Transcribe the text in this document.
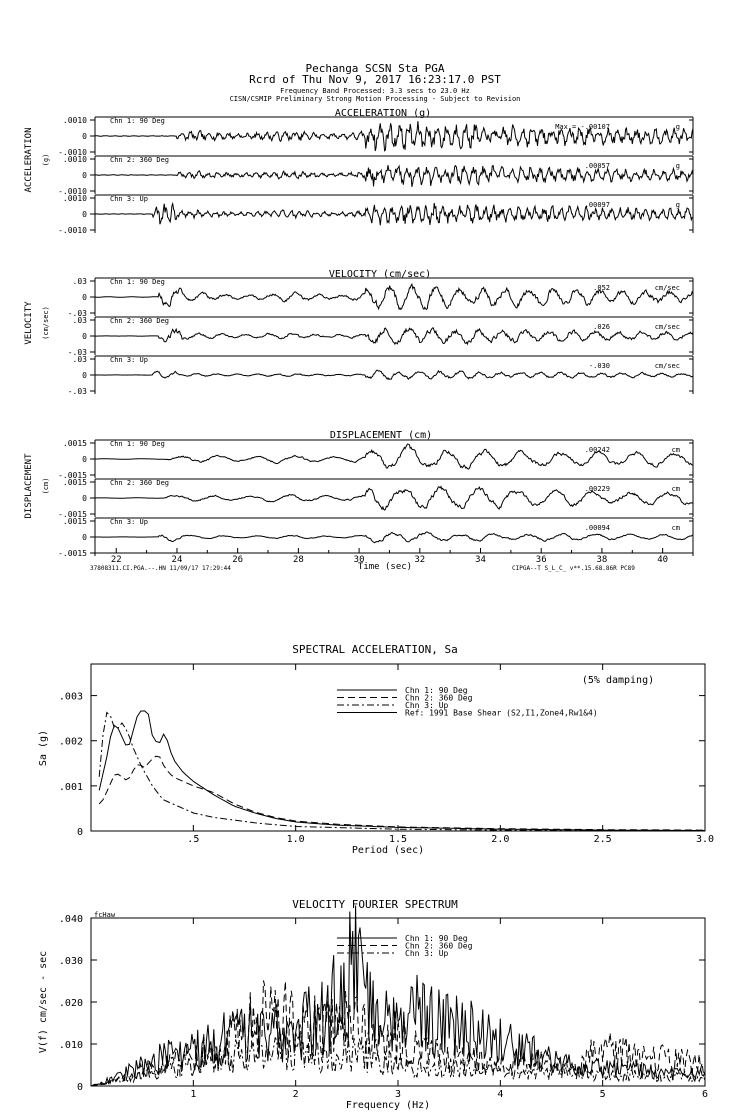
Pechanga SCSN Sta PGA
Rcrd of Thu Nov 9, 2017 16:23:17.0 PST
Frequency Band Processed: 3.3 secs to 23.0 Hz
CISN/CSMIP Preliminary Strong Motion Processing - Subject to Revision
ACCELERATION (g)
ACCELERATION (g)
.0010
0
-.0010
Chn 1: 90 Deg
Max = -.00107	g
.0010
0
-.0010
Chn 2: 360 Deg
.00057	g
.0010
0
-.0010
Chn 3: Up
.00097	g
VELOCITY (cm/sec)
VELOCITY (cm/sec)
.03
0
-.03
Chn 1: 90 Deg
.052	cm/sec
.03
0
-.03
Chn 2: 360 Deg
.026	cm/sec
.03
0
-.03
Chn 3: Up
-.030	cm/sec
DISPLACEMENT (cm)
DISPLACEMENT (cm)
.0015
0
-.0015
Chn 1: 90 Deg
.00242	cm
.0015
0
-.0015
Chn 2: 360 Deg
.00229	cm
.0015
0
-.0015
Chn 3: Up
.00094	cm
22	24	26	28	30	32	34	36	38	40
Time (sec)
37808311.CI.PGA.--.HN 11/09/17 17:29:44	CIPGA--T S_L_C_ v**.15.68.86R PC89
SPECTRAL ACCELERATION, Sa
(5% damping)
Sa (g)
Period (sec)
.5	1.0	1.5	2.0	2.5	3.0
0
.001
.002
.003
Chn 1: 90 Deg
Chn 2: 360 Deg
Chn 3: Up
Ref: 1991 Base Shear (S2,I1,Zone4,Rw1&4)
VELOCITY FOURIER SPECTRUM
fcHaw
V(f) cm/sec - sec
Frequency (Hz)
1	2	3	4	5	6
0
.010
.020
.030
.040
Chn 1: 90 Deg
Chn 2: 360 Deg
Chn 3: Up
